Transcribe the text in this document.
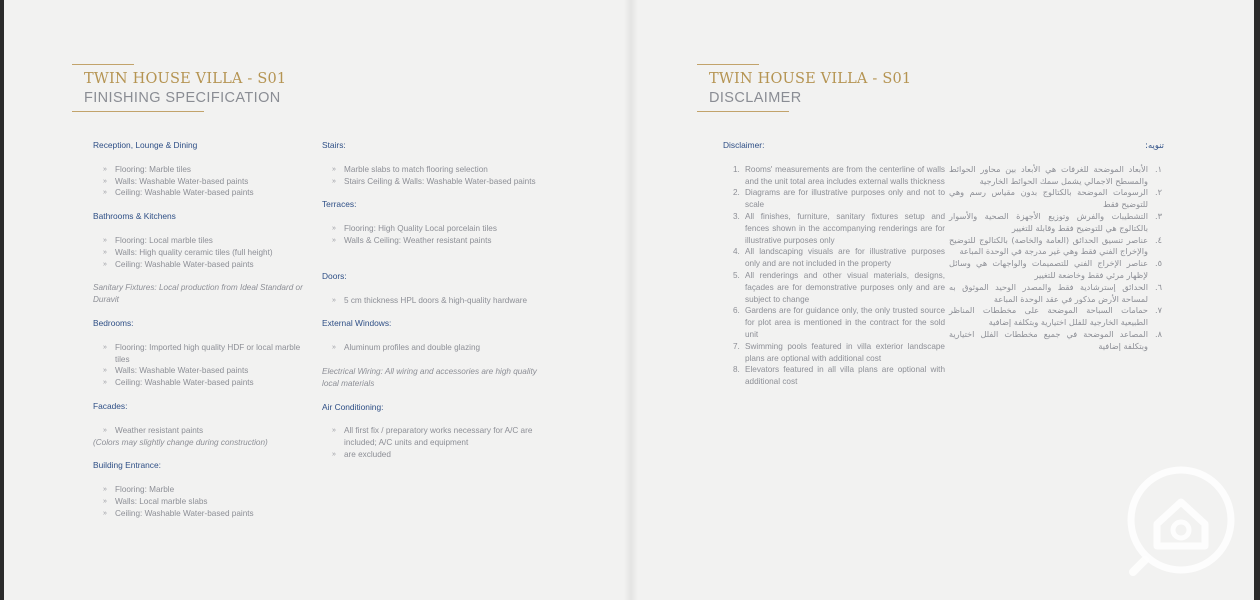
TWIN HOUSE VILLA - S01
FINISHING SPECIFICATION
Reception, Lounge & Dining
» Flooring: Marble tiles
» Walls: Washable Water-based paints
» Ceiling: Washable Water-based paints
Bathrooms & Kitchens
» Flooring: Local marble tiles
» Walls: High quality ceramic tiles (full height)
» Ceiling: Washable Water-based paints
Sanitary Fixtures: Local production from Ideal Standard or Duravit
Bedrooms:
» Flooring: Imported high quality HDF or local marble tiles
» Walls: Washable Water-based paints
» Ceiling: Washable Water-based paints
Facades:
» Weather resistant paints
(Colors may slightly change during construction)
Building Entrance:
» Flooring: Marble
» Walls: Local marble slabs
» Ceiling: Washable Water-based paints
Stairs:
» Marble slabs to match flooring selection
» Stairs Ceiling & Walls: Washable Water-based paints
Terraces:
» Flooring: High Quality Local porcelain tiles
» Walls & Ceiling: Weather resistant paints
Doors:
» 5 cm thickness HPL doors & high-quality hardware
External Windows:
» Aluminum profiles and double glazing
Electrical Wiring: All wiring and accessories are high quality local materials
Air Conditioning:
» All first fix / preparatory works necessary for A/C are included; A/C units and equipment
» are excluded
TWIN HOUSE VILLA - S01
DISCLAIMER
Disclaimer:
1. Rooms' measurements are from the centerline of walls and the unit total area includes external walls thickness
2. Diagrams are for illustrative purposes only and not to scale
3. All finishes, furniture, sanitary fixtures setup and fences shown in the accompanying renderings are for illustrative purposes only
4. All landscaping visuals are for illustrative purposes only and are not included in the property
5. All renderings and other visual materials, designs, façades are for demonstrative purposes only and are subject to change
6. Gardens are for guidance only, the only trusted source for plot area is mentioned in the contract for the sold unit
7. Swimming pools featured in villa exterior landscape plans are optional with additional cost
8. Elevators featured in all villa plans are optional with additional cost
تنويه:
١.
الأبعاد الموضحة للغرفات هي الأبعاد بين محاور الحوائط والمسطح الاجمالي يشمل سمك الحوائط الخارجية
٢.
الرسومات الموضحة بالكتالوج بدون مقياس رسم وهي للتوضيح فقط
٣.
التشطيبات والفرش وتوزيع الأجهزة الصحية والأسوار بالكتالوج هي للتوضيح فقط وقابلة للتغيير
٤.
عناصر تنسيق الحدائق (العامة والخاصة) بالكتالوج للتوضيح والإخراج الفني فقط وهي غير مدرجة في الوحدة المباعة
٥.
عناصر الإخراج الفني للتصميمات والواجهات هي وسائل لإظهار مرئي فقط وخاضعة للتغيير
٦.
الحدائق إسترشادية فقط والمصدر الوحيد الموثوق به لمساحة الأرض مذكور في عقد الوحدة المباعة
٧.
حمامات السباحة الموضحة على مخططات المناظر الطبيعية الخارجية للفلل اختيارية وبتكلفة إضافية
٨.
المصاعد الموضحة في جميع مخططات الفلل اختيارية وبتكلفة إضافية
